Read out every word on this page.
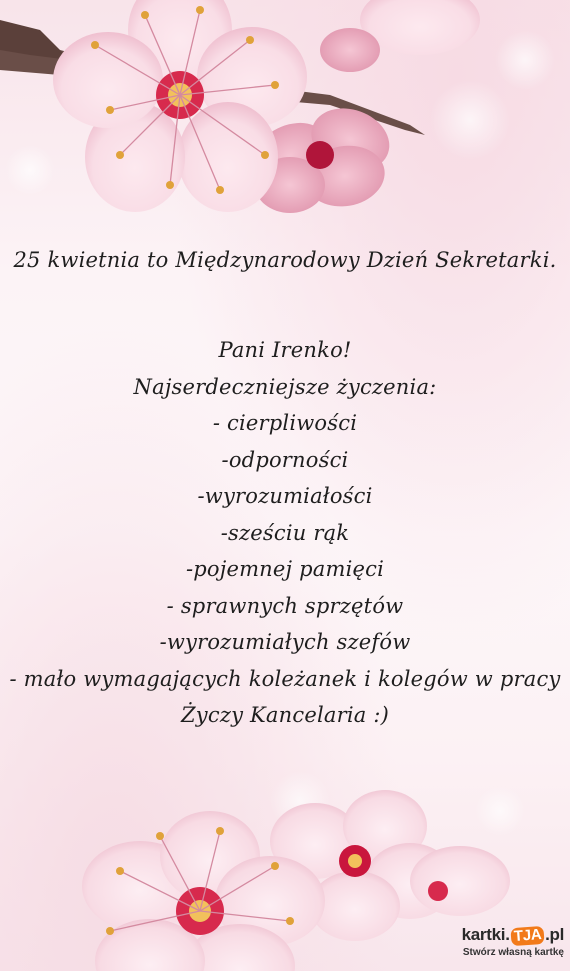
25 kwietnia to Międzynarodowy Dzień Sekretarki.
Pani Irenko!
Najserdeczniejsze życzenia:
- cierpliwości
-odporności
-wyrozumiałości
-sześciu rąk
-pojemnej pamięci
- sprawnych sprzętów
-wyrozumiałych szefów
- mało wymagających koleżanek i kolegów w pracy
Życzy Kancelaria :)
kartki. TJA .pl
Stwórz własną kartkę
